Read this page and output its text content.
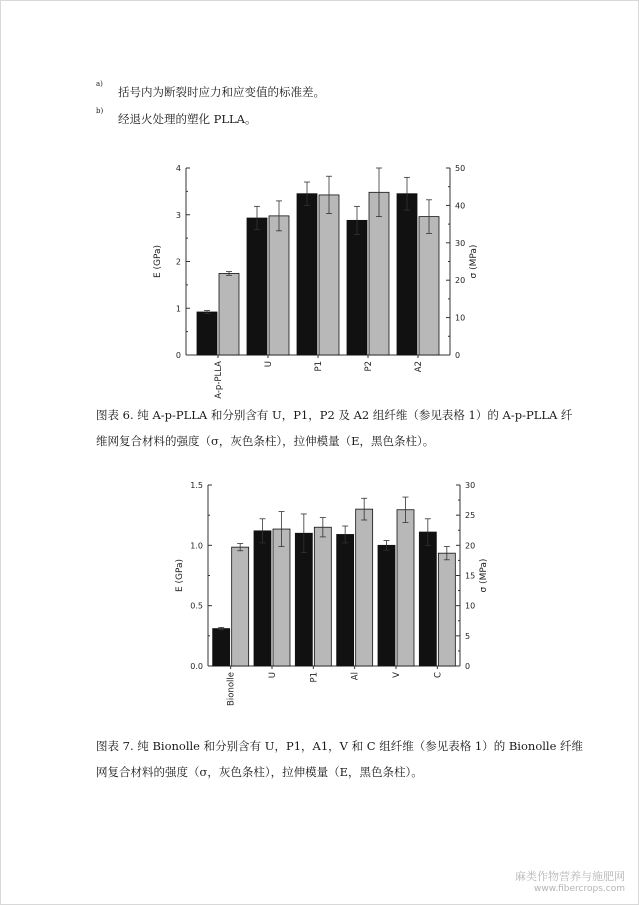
a)
括号内为断裂时应力和应变值的标准差。
b)
经退火处理的塑化 PLLA。
0
1
2
3
4
0
10
20
30
40
50
E (GPa)	σ (MPa)
A-p-PLLA	U	P1	P2	A2
图表 6. 纯 A-p-PLLA 和分别含有 U，P1，P2 及 A2 组纤维（参见表格 1）的 A-p-PLLA 纤
维网复合材料的强度（σ，灰色条柱），拉伸模量（E，黑色条柱）。
0.0
0.5
1.0
1.5
0
5
10
15
20
25
30
E (GPa)	σ (MPa)
Bionolle	U	P1	Al	V	C
图表 7. 纯 Bionolle 和分别含有 U，P1，A1，V 和 C 组纤维（参见表格 1）的 Bionolle 纤维
网复合材料的强度（σ，灰色条柱），拉伸模量（E，黑色条柱）。
麻类作物营养与施肥网
www.fibercrops.com
